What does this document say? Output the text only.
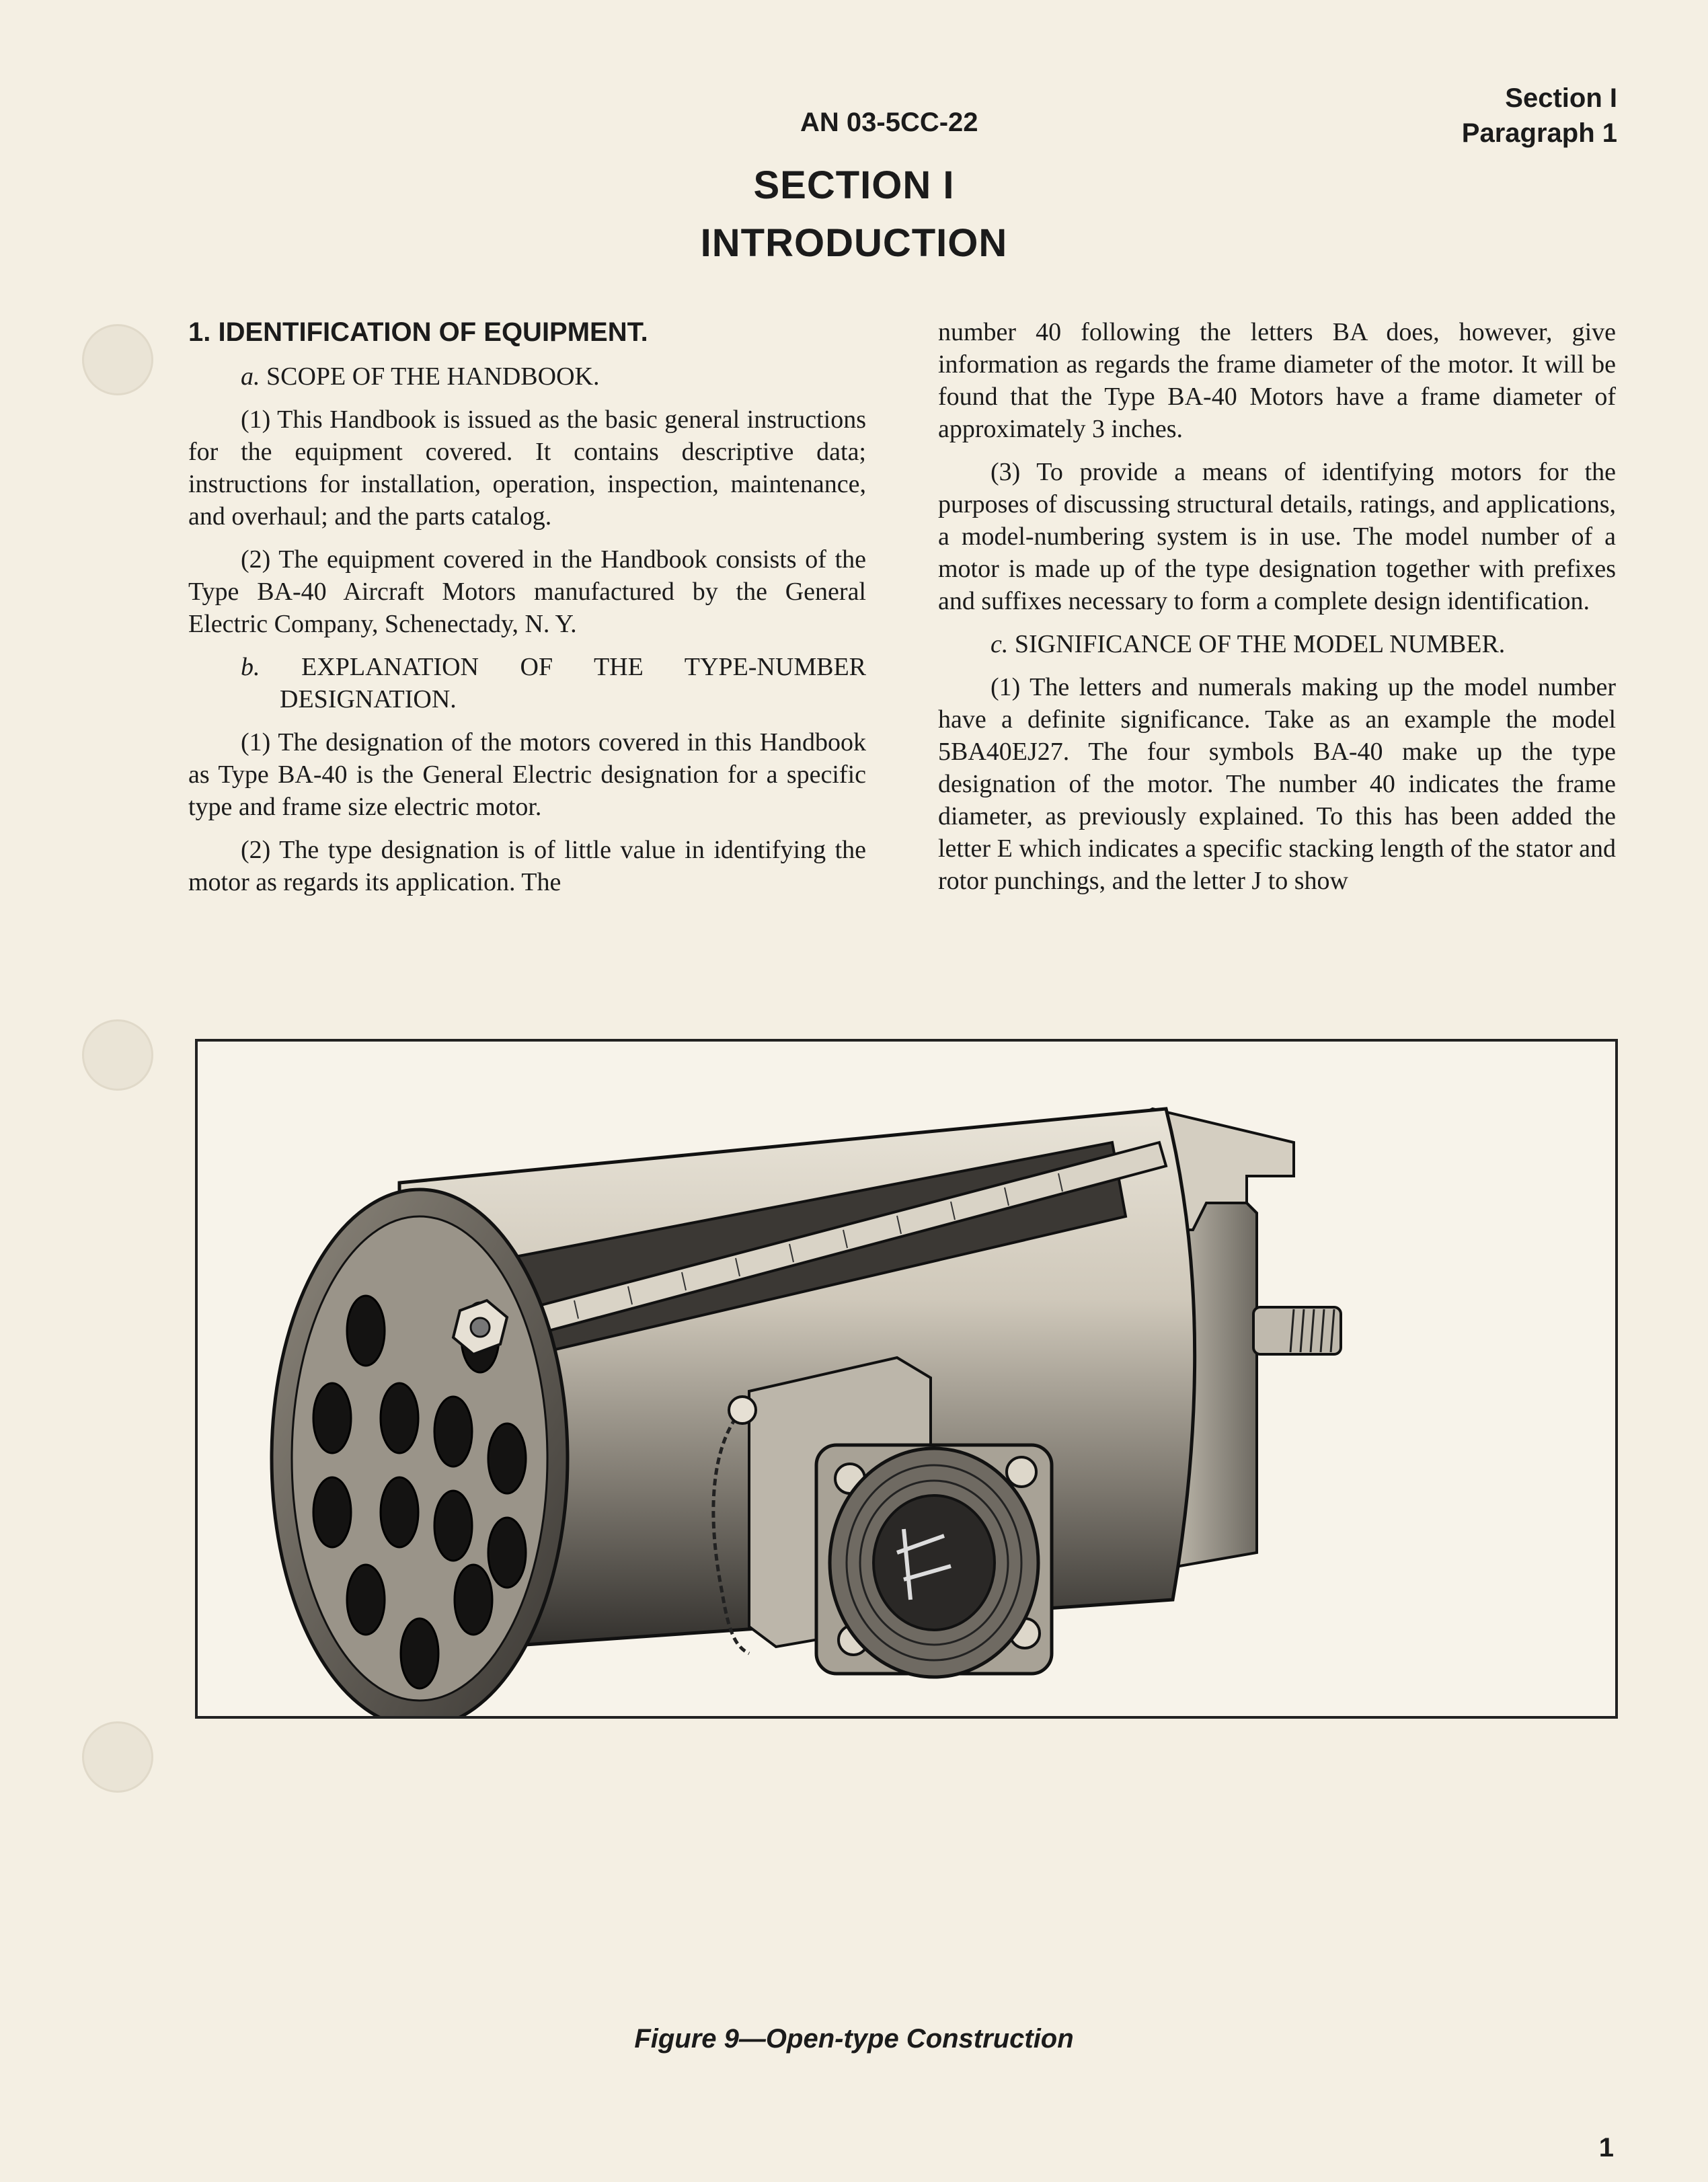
AN 03-5CC-22
Section I
Paragraph 1
SECTION I
INTRODUCTION
1. IDENTIFICATION OF EQUIPMENT.

a. SCOPE OF THE HANDBOOK.

(1) This Handbook is issued as the basic general instructions for the equipment covered. It contains descriptive data; instructions for installation, operation, inspection, maintenance, and overhaul; and the parts catalog.

(2) The equipment covered in the Handbook consists of the Type BA-40 Aircraft Motors manufactured by the General Electric Company, Schenectady, N. Y.

b. EXPLANATION OF THE TYPE-NUMBER DESIGNATION.

(1) The designation of the motors covered in this Handbook as Type BA-40 is the General Electric designation for a specific type and frame size electric motor.

(2) The type designation is of little value in identifying the motor as regards its application. The

number 40 following the letters BA does, however, give information as regards the frame diameter of the motor. It will be found that the Type BA-40 Motors have a frame diameter of approximately 3 inches.

(3) To provide a means of identifying motors for the purposes of discussing structural details, ratings, and applications, a model-numbering system is in use. The model number of a motor is made up of the type designation together with prefixes and suffixes necessary to form a complete design identification.

c. SIGNIFICANCE OF THE MODEL NUMBER.

(1) The letters and numerals making up the model number have a definite significance. Take as an example the model 5BA40EJ27. The four symbols BA-40 make up the type designation of the motor. The number 40 indicates the frame diameter, as previously explained. To this has been added the letter E which indicates a specific stacking length of the stator and rotor punchings, and the letter J to show

Figure 9—Open-type Construction
1
